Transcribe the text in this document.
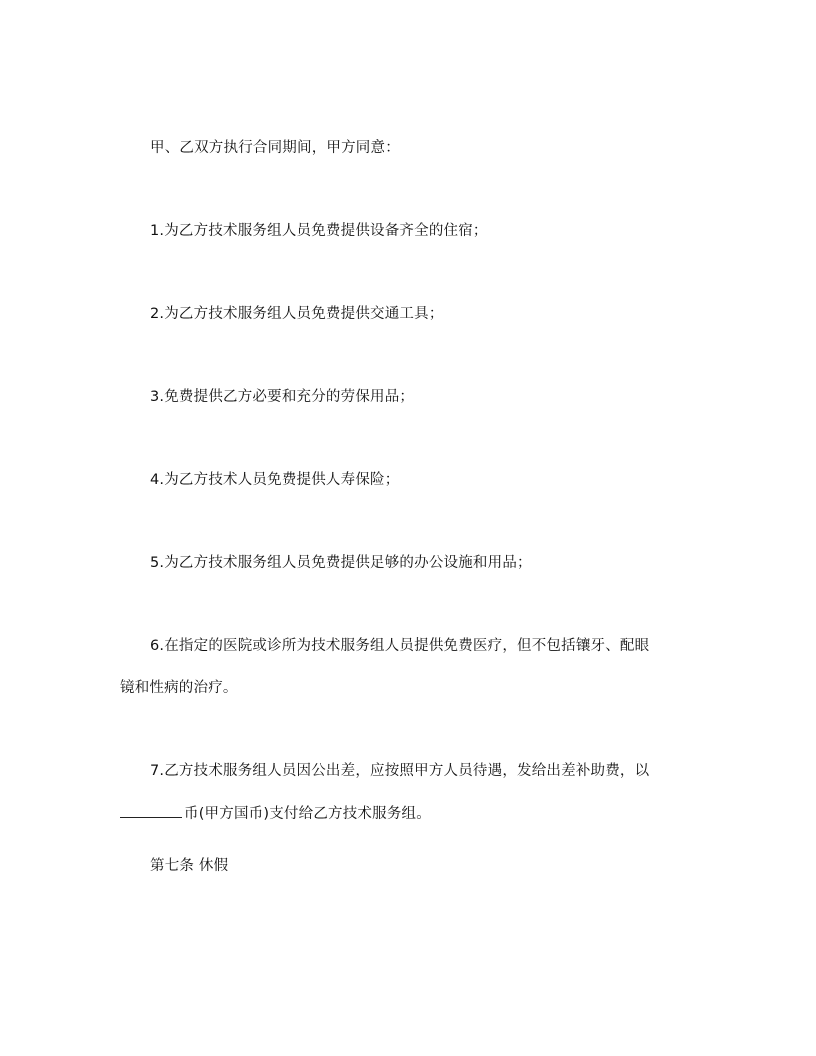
甲、乙双方执行合同期间，甲方同意：
1.为乙方技术服务组人员免费提供设备齐全的住宿；
2.为乙方技术服务组人员免费提供交通工具；
3.免费提供乙方必要和充分的劳保用品；
4.为乙方技术人员免费提供人寿保险；
5.为乙方技术服务组人员免费提供足够的办公设施和用品；
6.在指定的医院或诊所为技术服务组人员提供免费医疗，但不包括镶牙、配眼
镜和性病的治疗。
7.乙方技术服务组人员因公出差，应按照甲方人员待遇，发给出差补助费，以
币(甲方国币)支付给乙方技术服务组。
第七条 休假
